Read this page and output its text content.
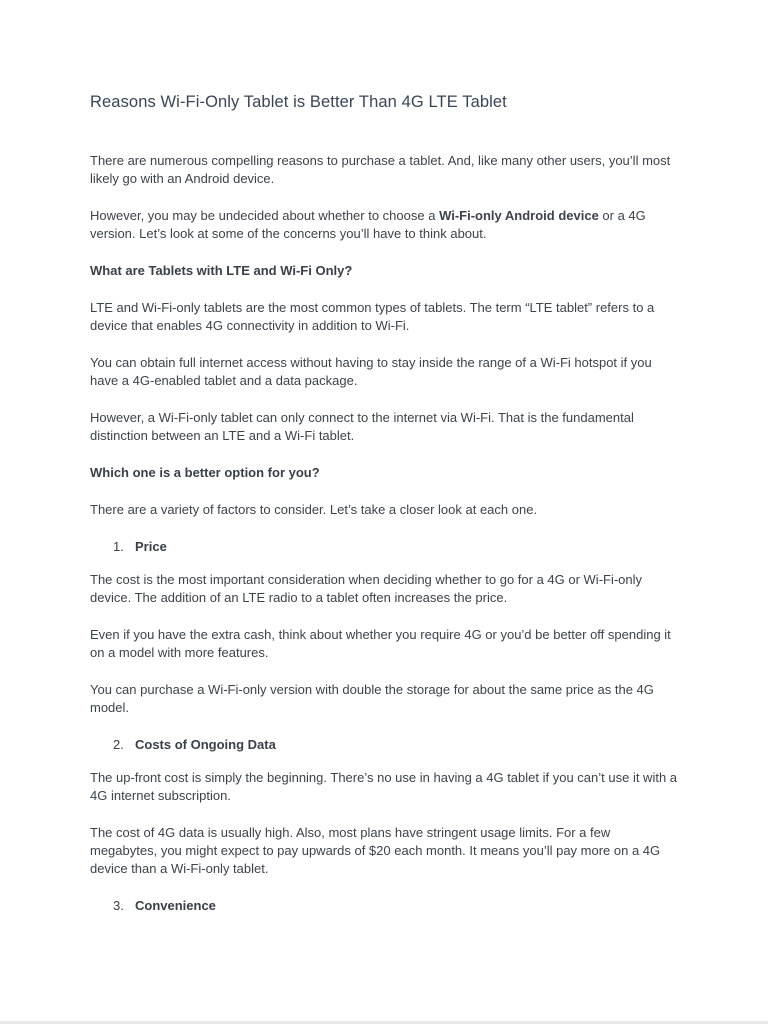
Reasons Wi-Fi-Only Tablet is Better Than 4G LTE Tablet

There are numerous compelling reasons to purchase a tablet. And, like many other users, you’ll most likely go with an Android device.

However, you may be undecided about whether to choose a Wi-Fi-only Android device or a 4G version. Let’s look at some of the concerns you’ll have to think about.

What are Tablets with LTE and Wi-Fi Only?

LTE and Wi-Fi-only tablets are the most common types of tablets. The term “LTE tablet” refers to a device that enables 4G connectivity in addition to Wi-Fi.

You can obtain full internet access without having to stay inside the range of a Wi-Fi hotspot if you have a 4G-enabled tablet and a data package.

However, a Wi-Fi-only tablet can only connect to the internet via Wi-Fi. That is the fundamental distinction between an LTE and a Wi-Fi tablet.

Which one is a better option for you?

There are a variety of factors to consider. Let’s take a closer look at each one.

1. Price

The cost is the most important consideration when deciding whether to go for a 4G or Wi-Fi-only device. The addition of an LTE radio to a tablet often increases the price.

Even if you have the extra cash, think about whether you require 4G or you’d be better off spending it on a model with more features.

You can purchase a Wi-Fi-only version with double the storage for about the same price as the 4G model.

2. Costs of Ongoing Data

The up-front cost is simply the beginning. There’s no use in having a 4G tablet if you can’t use it with a 4G internet subscription.

The cost of 4G data is usually high. Also, most plans have stringent usage limits. For a few megabytes, you might expect to pay upwards of $20 each month. It means you’ll pay more on a 4G device than a Wi-Fi-only tablet.

3. Convenience
